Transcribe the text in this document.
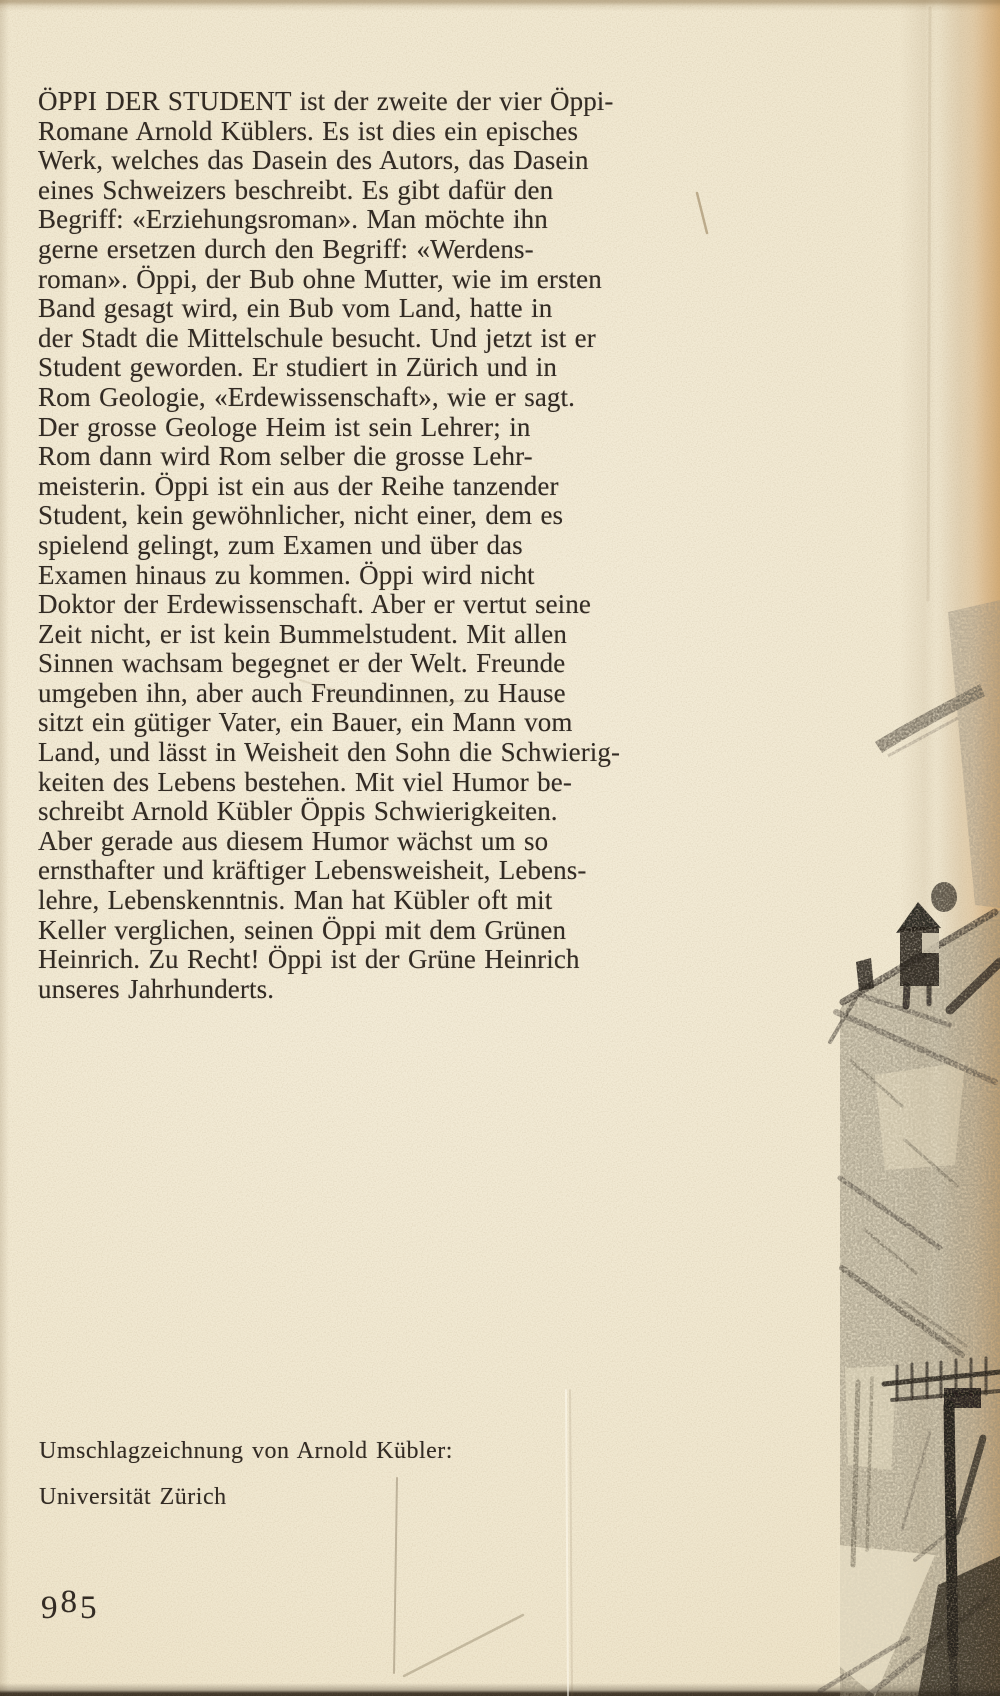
ÖPPI DER STUDENT ist der zweite der vier Öppi-
Romane Arnold Küblers. Es ist dies ein episches
Werk, welches das Dasein des Autors, das Dasein
eines Schweizers beschreibt. Es gibt dafür den
Begriff: «Erziehungsroman». Man möchte ihn
gerne ersetzen durch den Begriff: «Werdens-
roman». Öppi, der Bub ohne Mutter, wie im ersten
Band gesagt wird, ein Bub vom Land, hatte in
der Stadt die Mittelschule besucht. Und jetzt ist er
Student geworden. Er studiert in Zürich und in
Rom Geologie, «Erdewissenschaft», wie er sagt.
Der grosse Geologe Heim ist sein Lehrer; in
Rom dann wird Rom selber die grosse Lehr-
meisterin. Öppi ist ein aus der Reihe tanzender
Student, kein gewöhnlicher, nicht einer, dem es
spielend gelingt, zum Examen und über das
Examen hinaus zu kommen. Öppi wird nicht
Doktor der Erdewissenschaft. Aber er vertut seine
Zeit nicht, er ist kein Bummelstudent. Mit allen
Sinnen wachsam begegnet er der Welt. Freunde
umgeben ihn, aber auch Freundinnen, zu Hause
sitzt ein gütiger Vater, ein Bauer, ein Mann vom
Land, und lässt in Weisheit den Sohn die Schwierig-
keiten des Lebens bestehen. Mit viel Humor be-
schreibt Arnold Kübler Öppis Schwierigkeiten.
Aber gerade aus diesem Humor wächst um so
ernsthafter und kräftiger Lebensweisheit, Lebens-
lehre, Lebenskenntnis. Man hat Kübler oft mit
Keller verglichen, seinen Öppi mit dem Grünen
Heinrich. Zu Recht! Öppi ist der Grüne Heinrich
unseres Jahrhunderts.
Umschlagzeichnung von Arnold Kübler:
Universität Zürich
985
